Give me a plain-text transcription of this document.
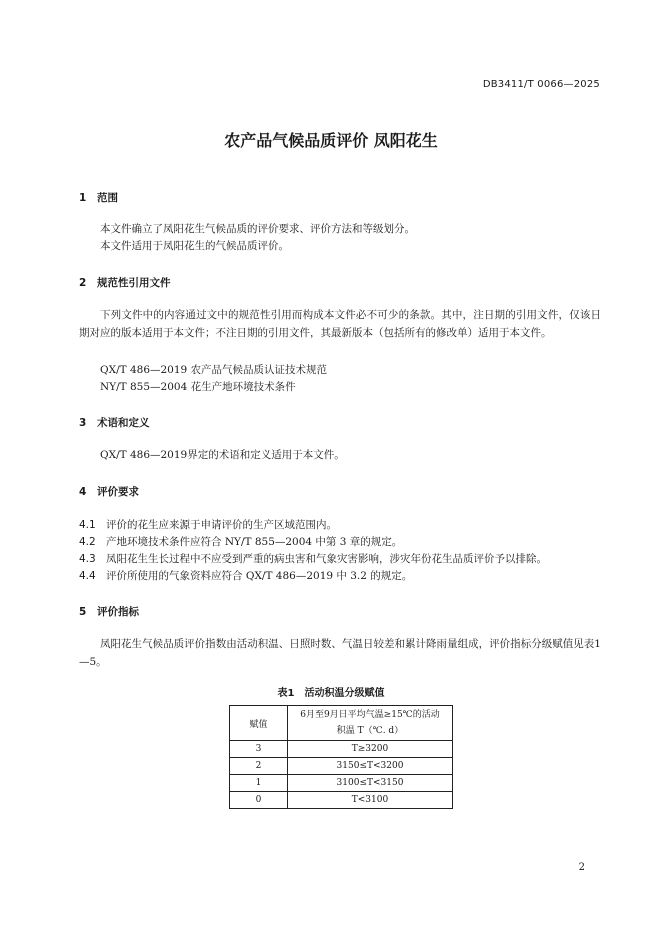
DB3411/T 0066—2025
农产品气候品质评价 凤阳花生
1 范围

本文件确立了凤阳花生气候品质的评价要求、评价方法和等级划分。

本文件适用于凤阳花生的气候品质评价。

2 规范性引用文件

下列文件中的内容通过文中的规范性引用而构成本文件必不可少的条款。其中，注日期的引用文件，仅该日期对应的版本适用于本文件；不注日期的引用文件，其最新版本（包括所有的修改单）适用于本文件。

QX/T 486—2019 农产品气候品质认证技术规范
NY/T 855—2004 花生产地环境技术条件
3 术语和定义
QX/T 486—2019界定的术语和定义适用于本文件。
4 评价要求
4.1 评价的花生应来源于申请评价的生产区域范围内。
4.2 产地环境技术条件应符合 NY/T 855—2004 中第 3 章的规定。
4.3 凤阳花生生长过程中不应受到严重的病虫害和气象灾害影响，涉灾年份花生品质评价予以排除。
4.4 评价所使用的气象资料应符合 QX/T 486—2019 中 3.2 的规定。
5 评价指标

凤阳花生气候品质评价指数由活动积温、日照时数、气温日较差和累计降雨量组成，评价指标分级赋值见表1—5。

表1　活动积温分级赋值
赋值	6月至9月日平均气温≥15℃的活动
积温 T（℃. d）

3	T≥3200
2	3150≤T<3200
1	3100≤T<3150
0	T<3100
2
